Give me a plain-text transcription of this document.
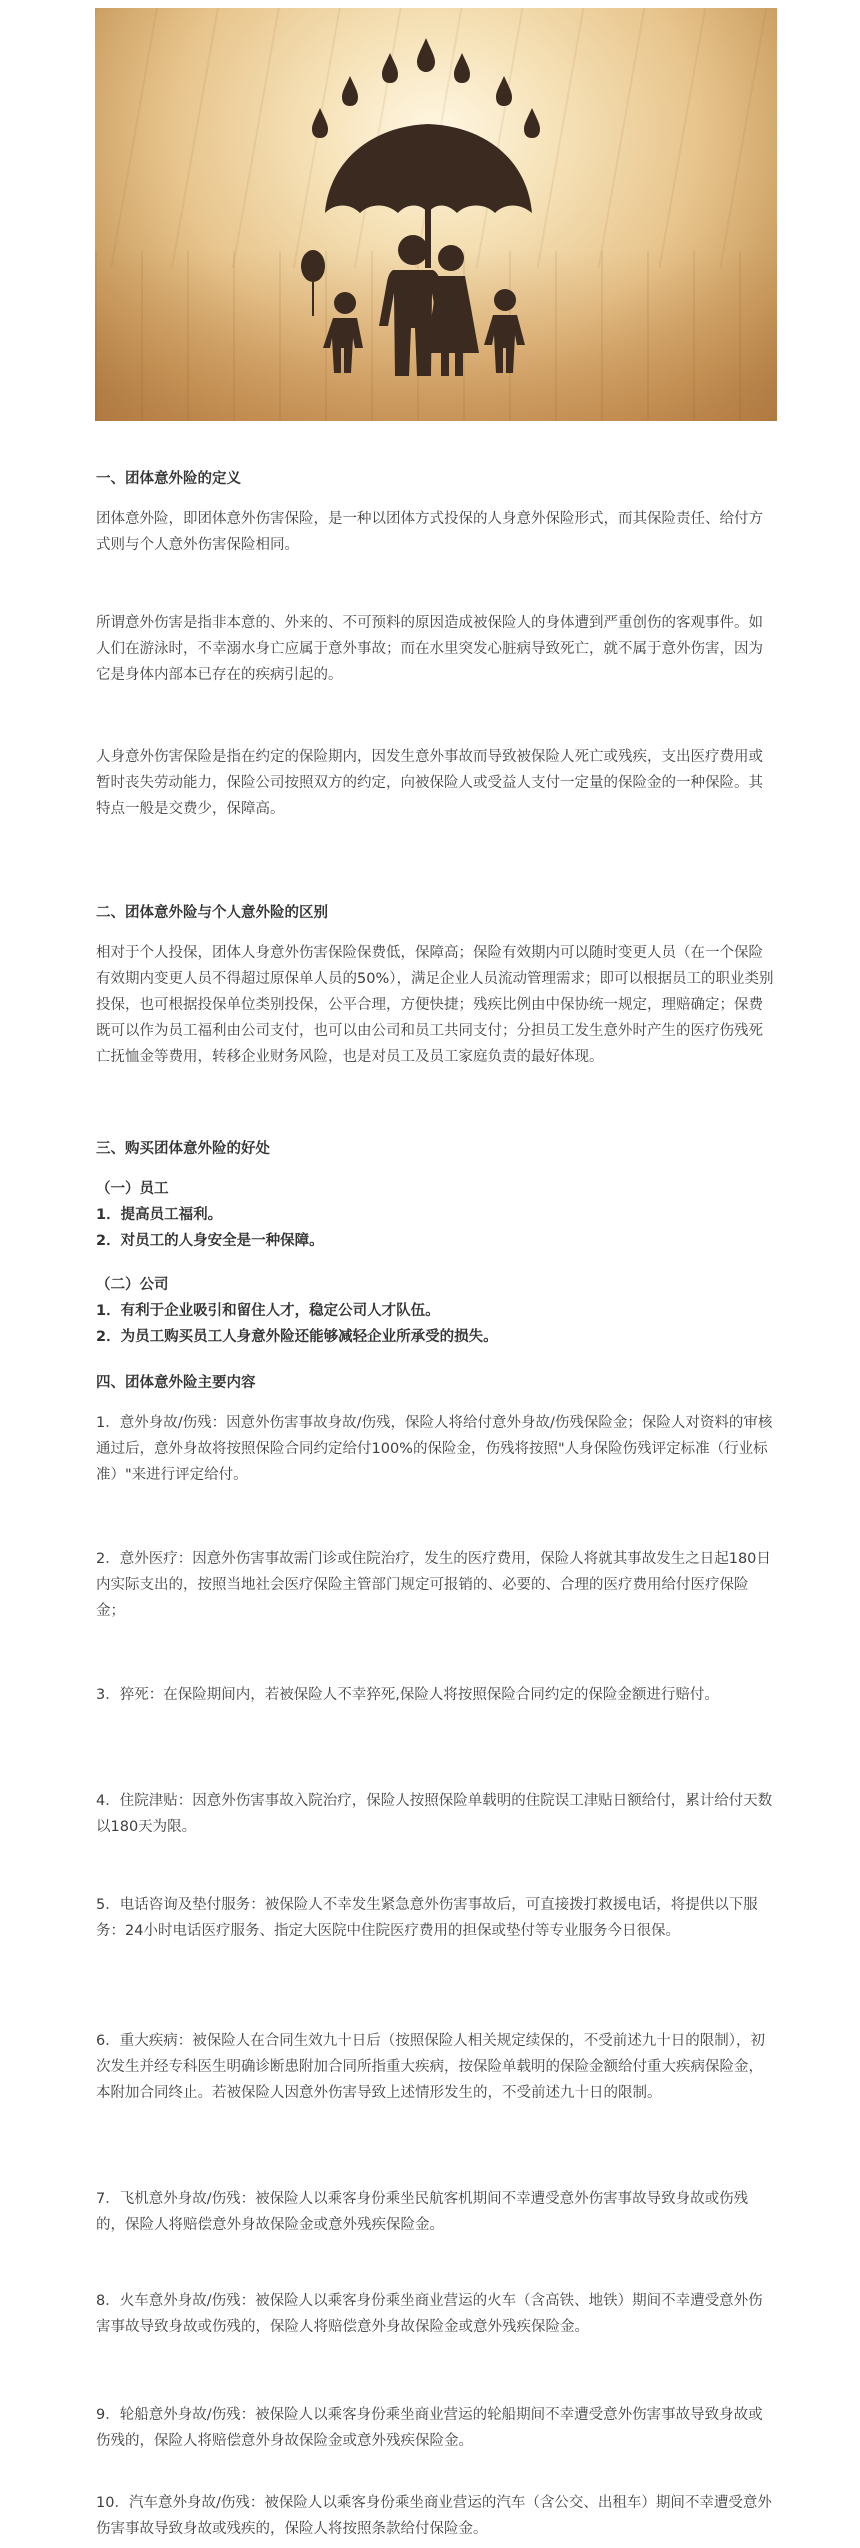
一、团体意外险的定义
团体意外险，即团体意外伤害保险，是一种以团体方式投保的人身意外保险形式，而其保险责任、给付方式则与个人意外伤害保险相同。
所谓意外伤害是指非本意的、外来的、不可预料的原因造成被保险人的身体遭到严重创伤的客观事件。如人们在游泳时，不幸溺水身亡应属于意外事故；而在水里突发心脏病导致死亡，就不属于意外伤害，因为它是身体内部本已存在的疾病引起的。
人身意外伤害保险是指在约定的保险期内，因发生意外事故而导致被保险人死亡或残疾，支出医疗费用或暂时丧失劳动能力，保险公司按照双方的约定，向被保险人或受益人支付一定量的保险金的一种保险。其特点一般是交费少，保障高。
二、团体意外险与个人意外险的区别
相对于个人投保，团体人身意外伤害保险保费低，保障高；保险有效期内可以随时变更人员（在一个保险有效期内变更人员不得超过原保单人员的50%），满足企业人员流动管理需求；即可以根据员工的职业类别投保，也可根据投保单位类别投保，公平合理，方便快捷；残疾比例由中保协统一规定，理赔确定；保费既可以作为员工福利由公司支付，也可以由公司和员工共同支付；分担员工发生意外时产生的医疗伤残死亡抚恤金等费用，转移企业财务风险，也是对员工及员工家庭负责的最好体现。
三、购买团体意外险的好处
（一）员工
1．提高员工福利。
2．对员工的人身安全是一种保障。
（二）公司
1．有利于企业吸引和留住人才，稳定公司人才队伍。
2．为员工购买员工人身意外险还能够减轻企业所承受的损失。
四、团体意外险主要内容
1．意外身故/伤残：因意外伤害事故身故/伤残，保险人将给付意外身故/伤残保险金；保险人对资料的审核通过后，意外身故将按照保险合同约定给付100%的保险金，伤残将按照"人身保险伤残评定标准（行业标准）"来进行评定给付。
2．意外医疗：因意外伤害事故需门诊或住院治疗，发生的医疗费用，保险人将就其事故发生之日起180日内实际支出的，按照当地社会医疗保险主管部门规定可报销的、必要的、合理的医疗费用给付医疗保险金；
3．猝死：在保险期间内，若被保险人不幸猝死,保险人将按照保险合同约定的保险金额进行赔付。
4．住院津贴：因意外伤害事故入院治疗，保险人按照保险单载明的住院误工津贴日额给付，累计给付天数以180天为限。
5．电话咨询及垫付服务：被保险人不幸发生紧急意外伤害事故后，可直接拨打救援电话，将提供以下服务：24小时电话医疗服务、指定大医院中住院医疗费用的担保或垫付等专业服务今日很保。
6．重大疾病：被保险人在合同生效九十日后（按照保险人相关规定续保的，不受前述九十日的限制），初次发生并经专科医生明确诊断患附加合同所指重大疾病，按保险单载明的保险金额给付重大疾病保险金，本附加合同终止。若被保险人因意外伤害导致上述情形发生的，不受前述九十日的限制。
7．飞机意外身故/伤残：被保险人以乘客身份乘坐民航客机期间不幸遭受意外伤害事故导致身故或伤残的，保险人将赔偿意外身故保险金或意外残疾保险金。
8．火车意外身故/伤残：被保险人以乘客身份乘坐商业营运的火车（含高铁、地铁）期间不幸遭受意外伤害事故导致身故或伤残的，保险人将赔偿意外身故保险金或意外残疾保险金。
9．轮船意外身故/伤残：被保险人以乘客身份乘坐商业营运的轮船期间不幸遭受意外伤害事故导致身故或伤残的，保险人将赔偿意外身故保险金或意外残疾保险金。
10．汽车意外身故/伤残：被保险人以乘客身份乘坐商业营运的汽车（含公交、出租车）期间不幸遭受意外伤害事故导致身故或残疾的，保险人将按照条款给付保险金。
